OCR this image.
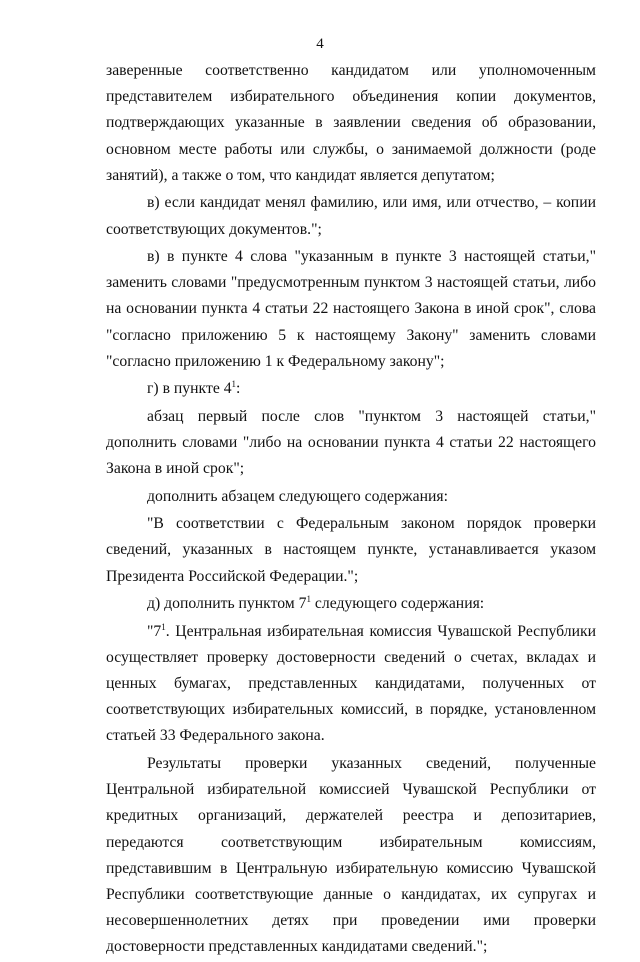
4

заверенные соответственно кандидатом или уполномоченным представителем избирательного объединения копии документов, подтверждающих указанные в заявлении сведения об образовании, основном месте работы или службы, о занимаемой должности (роде занятий), а также о том, что кандидат является депутатом;

в) если кандидат менял фамилию, или имя, или отчество, – копии соответствующих документов.";

в) в пункте 4 слова "указанным в пункте 3 настоящей статьи," заменить словами "предусмотренным пунктом 3 настоящей статьи, либо на основании пункта 4 статьи 22 настоящего Закона в иной срок", слова "согласно приложению 5 к настоящему Закону" заменить словами "согласно приложению 1 к Федеральному закону";

г) в пункте $4^1$:

абзац первый после слов "пунктом 3 настоящей статьи," дополнить словами "либо на основании пункта 4 статьи 22 настоящего Закона в иной срок";

дополнить абзацем следующего содержания:

"В соответствии с Федеральным законом порядок проверки сведений, указанных в настоящем пункте, устанавливается указом Президента Российской Федерации.";

д) дополнить пунктом $7^1$ следующего содержания:

"$7^1$. Центральная избирательная комиссия Чувашской Республики осуществляет проверку достоверности сведений о счетах, вкладах и ценных бумагах, представленных кандидатами, полученных от соответствующих избирательных комиссий, в порядке, установленном статьей 33 Федерального закона.

Результаты проверки указанных сведений, полученные Центральной избирательной комиссией Чувашской Республики от кредитных организаций, держателей реестра и депозитариев, передаются соответствующим избирательным комиссиям, представившим в Центральную избирательную комиссию Чувашской Республики соответствующие данные о кандидатах, их супругах и несовершеннолетних детях при проведении ими проверки достоверности представленных кандидатами сведений.";
